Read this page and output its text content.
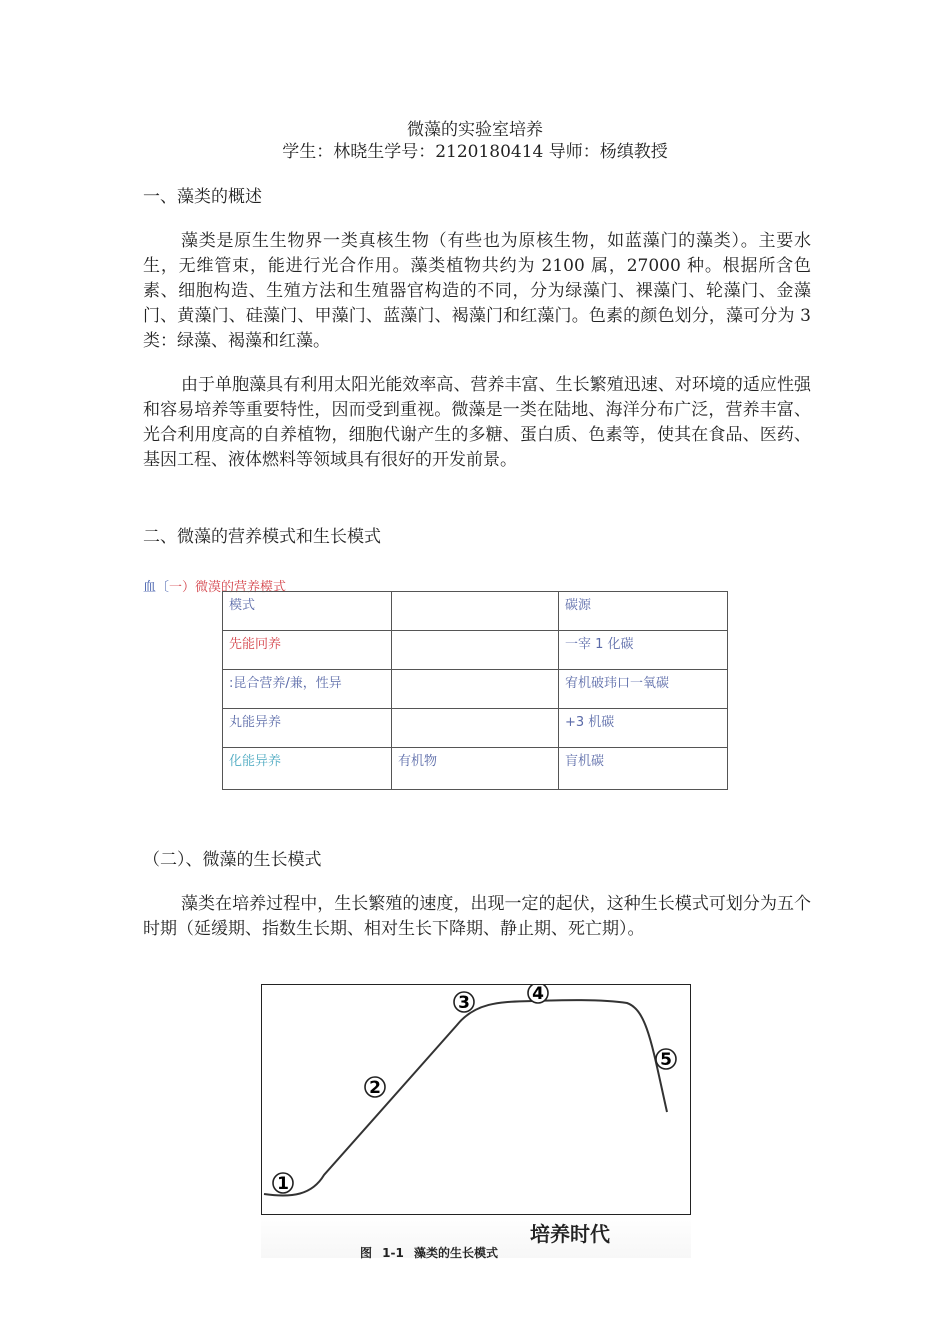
微藻的实验室培养
学生：林晓生学号：2120180414 导师：杨缜教授
一、藻类的概述

藻类是原生生物界一类真核生物（有些也为原核生物，如蓝藻门的藻类）。主要水生，无维管束，能进行光合作用。藻类植物共约为 2100 属，27000 种。根据所含色素、细胞构造、生殖方法和生殖器官构造的不同，分为绿藻门、裸藻门、轮藻门、金藻门、黄藻门、硅藻门、甲藻门、蓝藻门、褐藻门和红藻门。色素的颜色划分，藻可分为 3 类：绿藻、褐藻和红藻。

由于单胞藻具有利用太阳光能效率高、营养丰富、生长繁殖迅速、对环境的适应性强和容易培养等重要特性，因而受到重视。微藻是一类在陆地、海洋分布广泛，营养丰富、光合利用度高的自养植物，细胞代谢产生的多糖、蛋白质、色素等，使其在食品、医药、基因工程、液体燃料等领域具有很好的开发前景。

二、微藻的营养模式和生长模式
血〔一）微漠的营养模式
模式		碳源
先能冋养		一宰 1 化碳
:昆合营养/兼，性异		宥机破玮口一氧碳
丸能异养		+3 机碳
化能异养	有机物	肓机碳
（二）、微藻的生长模式

藻类在培养过程中，生长繁殖的速度，出现一定的起伏，这种生长模式可划分为五个时期（延缓期、指数生长期、相对生长下降期、静止期、死亡期）。

1
2
3	4
5
培养时代
图 1-1 藻类的生长模式
